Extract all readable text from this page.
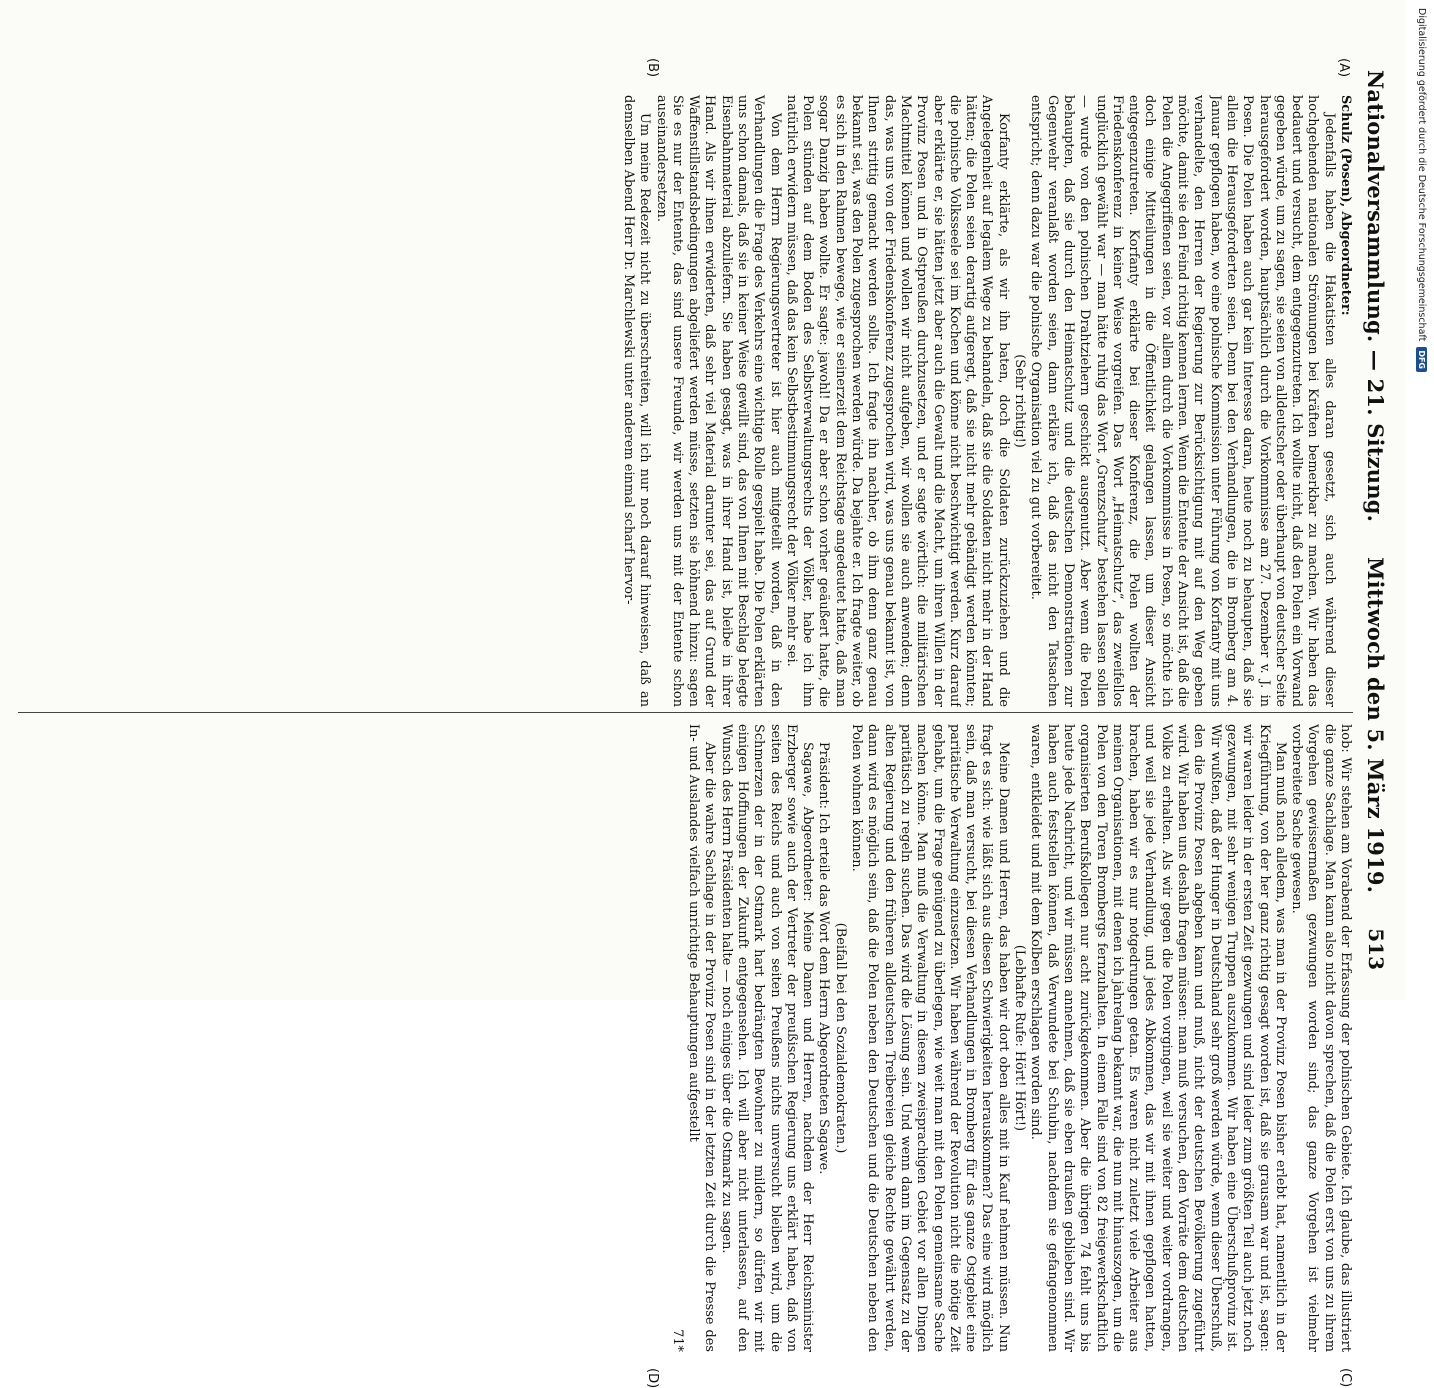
Nationalversammlung. — 21. Sitzung.
Mittwoch den 5. März 1919.
513
(A)
(B)
(C)
(D)

Schulz (Posen), Abgeordneter:

Jedenfalls haben die Hakatisten alles daran gesetzt, sich auch während dieser hochgehenden nationalen Strömungen bei Kräften bemerkbar zu machen. Wir haben das bedauert und versucht, dem entgegenzutreten. Ich wollte nicht, daß den Polen ein Vorwand gegeben würde, um zu sagen, sie seien von alldeutscher oder überhaupt von deutscher Seite herausgefordert worden, hauptsächlich durch die Vorkommnisse am 27. Dezember v. J. in Posen. Die Polen haben auch gar kein Interesse daran, heute noch zu behaupten, daß sie allein die Herausgeforderten seien. Denn bei den Verhandlungen, die in Bromberg am 4. Januar gepflogen haben, wo eine polnische Kommission unter Führung von Korfanty mit uns verhandelte, den Herren der Regierung zur Berücksichtigung mit auf den Weg geben möchte, damit sie den Feind richtig kennen lernen. Wenn die Entente der Ansicht ist, daß die Polen die Angegriffenen seien, vor allem durch die Vorkommnisse in Posen, so möchte ich doch einige Mitteilungen in die Öffentlichkeit gelangen lassen, um dieser Ansicht entgegenzutreten. Korfanty erklärte bei dieser Konferenz, die Polen wollten der Friedenskonferenz in keiner Weise vorgreifen. Das Wort „Heimatschutz“, das zweifellos unglücklich gewählt war — man hätte ruhig das Wort „Grenzschutz“ bestehen lassen sollen — wurde von den polnischen Drahtziehern geschickt ausgenutzt. Aber wenn die Polen behaupten, daß sie durch den Heimatschutz und die deutschen Demonstrationen zur Gegenwehr veranlaßt worden seien, dann erkläre ich, daß das nicht den Tatsachen entspricht; denn dazu war die polnische Organisation viel zu gut vorbereitet.

(Sehr richtig!)

Korfanty erklärte, als wir ihn baten, doch die Soldaten zurückzuziehen und die Angelegenheit auf legalem Wege zu behandeln, daß sie die Soldaten nicht mehr in der Hand hätten; die Polen seien derartig aufgeregt, daß sie nicht mehr gebändigt werden könnten; die polnische Volksseele sei im Kochen und könne nicht beschwichtigt werden. Kurz darauf aber erklärte er, sie hätten jetzt aber auch die Gewalt und die Macht, um ihren Willen in der Provinz Posen und in Ostpreußen durchzusetzen, und er sagte wörtlich: die militärischen Machtmittel können und wollen wir nicht aufgeben, wir wollen sie auch anwenden; denn das, was uns von der Friedenskonferenz zugesprochen wird, was uns genau bekannt ist, von Ihnen strittig gemacht werden sollte. Ich fragte ihn nachher, ob ihm denn ganz genau bekannt sei, was den Polen zugesprochen werden würde. Da bejahte er. Ich fragte weiter, ob es sich in den Rahmen bewege, wie er seinerzeit dem Reichstage angedeutet hatte, daß man sogar Danzig haben wollte. Er sagte: jawohl! Da er aber schon vorher geäußert hatte, die Polen stünden auf dem Boden des Selbstverwaltungsrechts der Völker, habe ich ihm natürlich erwidern müssen, daß das kein Selbstbestimmungsrecht der Völker mehr sei.

Von dem Herrn Regierungsvertreter ist hier auch mitgeteilt worden, daß in den Verhandlungen die Frage des Verkehrs eine wichtige Rolle gespielt habe. Die Polen erklärten uns schon damals, daß sie in keiner Weise gewillt sind, das von Ihnen mit Beschlag belegte Eisenbahnmaterial abzuliefern. Sie haben gesagt, was in ihrer Hand ist, bleibe in ihrer Hand. Als wir ihnen erwiderten, daß sehr viel Material darunter sei, das auf Grund der Waffenstillstandsbedingungen abgeliefert werden müsse, setzten sie höhnend hinzu: sagen Sie es nur der Entente, das sind unsere Freunde, wir werden uns mit der Entente schon auseinandersetzen.

Um meine Redezeit nicht zu überschreiten, will ich nur noch darauf hinweisen, daß an demselben Abend Herr Dr. Marchlewski unter anderem einmal scharf hervor-

hob: Wir stehen am Vorabend der Erfassung der polnischen Gebiete. Ich glaube, das illustriert die ganze Sachlage. Man kann also nicht davon sprechen, daß die Polen erst von uns zu ihrem Vorgehen gewissermaßen gezwungen worden sind; das ganze Vorgehen ist vielmehr vorbereitete Sache gewesen.

Man muß nach alledem, was man in der Provinz Posen bisher erlebt hat, namentlich in der Kriegführung, von der her ganz richtig gesagt worden ist, daß sie grausam war und ist, sagen: wir waren leider in der ersten Zeit gezwungen und sind leider zum größten Teil auch jetzt noch gezwungen, mit sehr wenigen Truppen auszukommen. Wir haben eine Überschußprovinz ist. Wir wußten, daß der Hunger in Deutschland sehr groß werden würde, wenn dieser Überschuß, den die Provinz Posen abgeben kann und muß, nicht der deutschen Bevölkerung zugeführt wird. Wir haben uns deshalb fragen müssen: man muß versuchen, den Vorräte dem deutschen Volke zu erhalten. Als wir gegen die Polen vorgingen, weil sie weiter und weiter vordrangen, und weil sie jede Verhandlung, und jedes Abkommen, das wir mit ihnen gepflogen hatten, brachen, haben wir es nur notgedrungen getan. Es waren nicht zuletzt viele Arbeiter aus meinen Organisationen, mit denen ich jahrelang bekannt war, die nun mit hinauszogen, um die Polen von den Toren Brombergs fernzuhalten. In einem Falle sind von 82 freigewerkschaftlich organisierten Berufskollegen nur acht zurückgekommen. Aber die übrigen 74 fehlt uns bis heute jede Nachricht, und wir müssen annehmen, daß sie eben draußen geblieben sind. Wir haben auch feststellen können, daß Verwundete bei Schubin, nachdem sie gefangenommen waren, entkleidet und mit dem Kolben erschlagen worden sind.

(Lebhafte Rufe: Hört! Hört!)

Meine Damen und Herren, das haben wir dort oben alles mit in Kauf nehmen müssen. Nun fragt es sich: wie läßt sich aus diesen Schwierigkeiten herauskommen? Das eine wird möglich sein, daß man versucht, bei diesen Verhandlungen in Bromberg für das ganze Ostgebiet eine paritätische Verwaltung einzusetzen. Wir haben während der Revolution nicht die nötige Zeit gehabt, um die Frage genügend zu überlegen, wie weit man mit den Polen gemeinsame Sache machen könne. Man muß die Verwaltung in diesem zweisprachigen Gebiet vor allen Dingen paritätisch zu regeln suchen. Das wird die Lösung sein. Und wenn dann im Gegensatz zu der alten Regierung und den früheren alldeutschen Treibereien gleiche Rechte gewährt werden, dann wird es möglich sein, daß die Polen neben den Deutschen und die Deutschen neben den Polen wohnen können.

(Beifall bei den Sozialdemokraten.)

Präsident: Ich erteile das Wort dem Herrn Abgeordneten Sagawe.

Sagawe, Abgeordneter: Meine Damen und Herren, nachdem der Herr Reichsminister Erzberger sowie auch der Vertreter der preußischen Regierung uns erklärt haben, daß von seiten des Reichs und auch von seiten Preußens nichts unversucht bleiben wird, um die Schmerzen der in der Ostmark hart bedrängten Bewohner zu mildern, so dürfen wir mit einigen Hoffnungen der Zukunft entgegensehen. Ich will aber nicht unterlassen, auf den Wunsch des Herrn Präsidenten halte — noch einiges über die Ostmark zu sagen.

Aber die wahre Sachlage in der Provinz Posen sind in der letzten Zeit durch die Presse des In- und Auslandes vielfach unrichtige Behauptungen aufgestellt

71*

Digitalisierung gefördert durch die Deutsche Forschungsgemeinschaft
DFG
